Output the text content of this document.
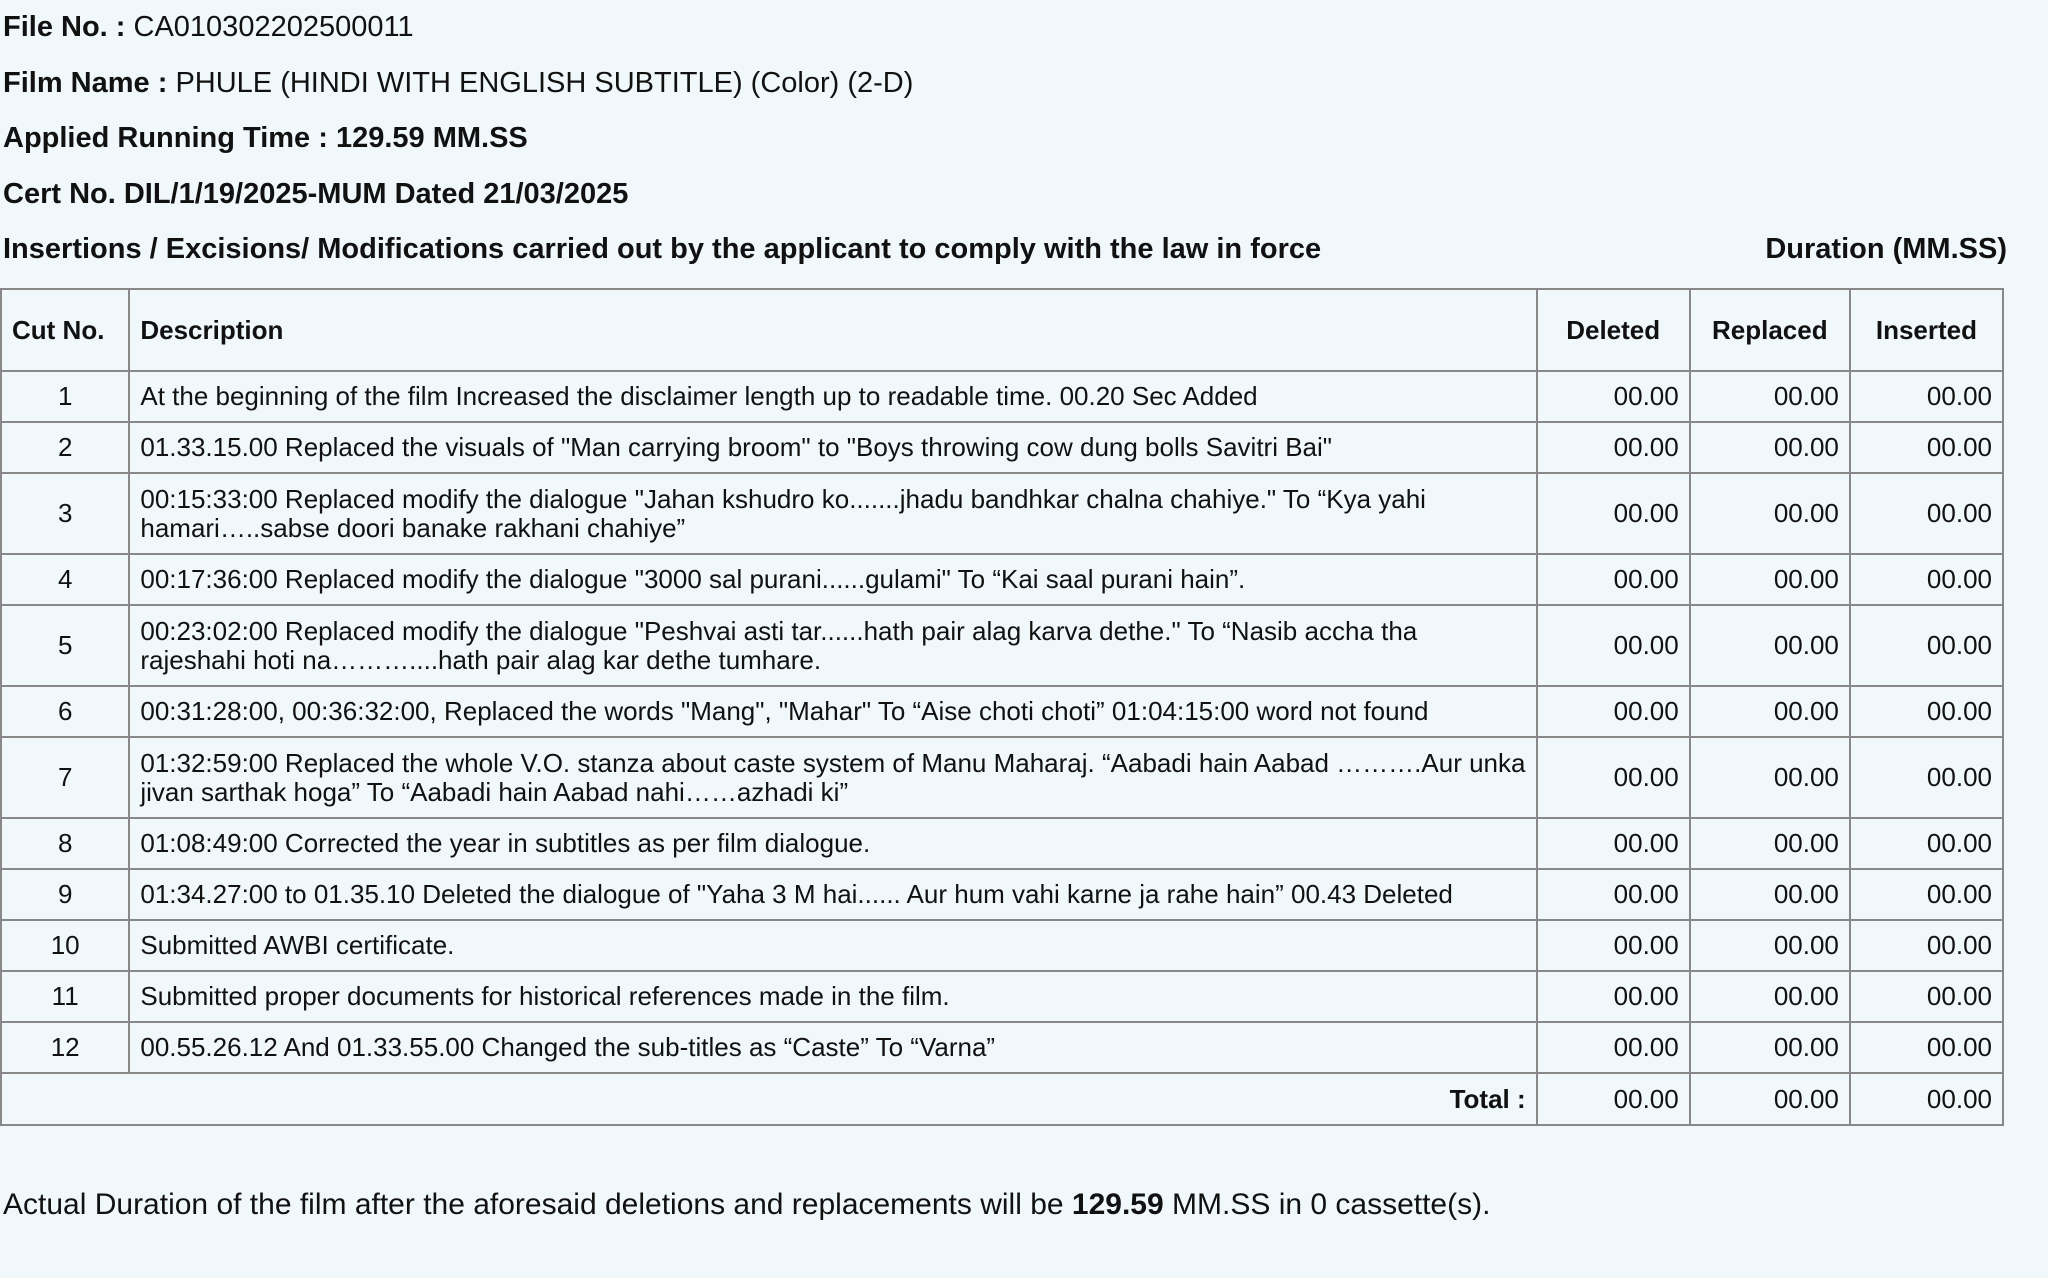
File No. : CA010302202500011
Film Name : PHULE (HINDI WITH ENGLISH SUBTITLE) (Color) (2-D)
Applied Running Time : 129.59 MM.SS
Cert No. DIL/1/19/2025-MUM Dated 21/03/2025
Insertions / Excisions/ Modifications carried out by the applicant to comply with the law in force	Duration (MM.SS)
Cut No.	Description	Deleted	Replaced	Inserted
1	At the beginning of the film Increased the disclaimer length up to readable time. 00.20 Sec Added	00.00	00.00	00.00
2	01.33.15.00 Replaced the visuals of "Man carrying broom" to "Boys throwing cow dung bolls Savitri Bai"	00.00	00.00	00.00
3	00:15:33:00 Replaced modify the dialogue "Jahan kshudro ko.......jhadu bandhkar chalna chahiye." To “Kya yahi hamari…..sabse doori banake rakhani chahiye”	00.00	00.00	00.00
4	00:17:36:00 Replaced modify the dialogue "3000 sal purani......gulami" To “Kai saal purani hain”.	00.00	00.00	00.00
5	00:23:02:00 Replaced modify the dialogue "Peshvai asti tar......hath pair alag karva dethe." To “Nasib accha tha rajeshahi hoti na………....hath pair alag kar dethe tumhare.	00.00	00.00	00.00
6	00:31:28:00, 00:36:32:00, Replaced the words "Mang", "Mahar" To “Aise choti choti” 01:04:15:00 word not found	00.00	00.00	00.00
7	01:32:59:00 Replaced the whole V.O. stanza about caste system of Manu Maharaj. “Aabadi hain Aabad ……….Aur unka jivan sarthak hoga” To “Aabadi hain Aabad nahi……azhadi ki”	00.00	00.00	00.00
8	01:08:49:00 Corrected the year in subtitles as per film dialogue.	00.00	00.00	00.00
9	01:34.27:00 to 01.35.10 Deleted the dialogue of "Yaha 3 M hai...... Aur hum vahi karne ja rahe hain” 00.43 Deleted	00.00	00.00	00.00
10	Submitted AWBI certificate.	00.00	00.00	00.00
11	Submitted proper documents for historical references made in the film.	00.00	00.00	00.00
12	00.55.26.12 And 01.33.55.00 Changed the sub-titles as “Caste” To “Varna”	00.00	00.00	00.00
Total :		00.00	00.00	00.00
Actual Duration of the film after the aforesaid deletions and replacements will be 129.59 MM.SS in 0 cassette(s).
